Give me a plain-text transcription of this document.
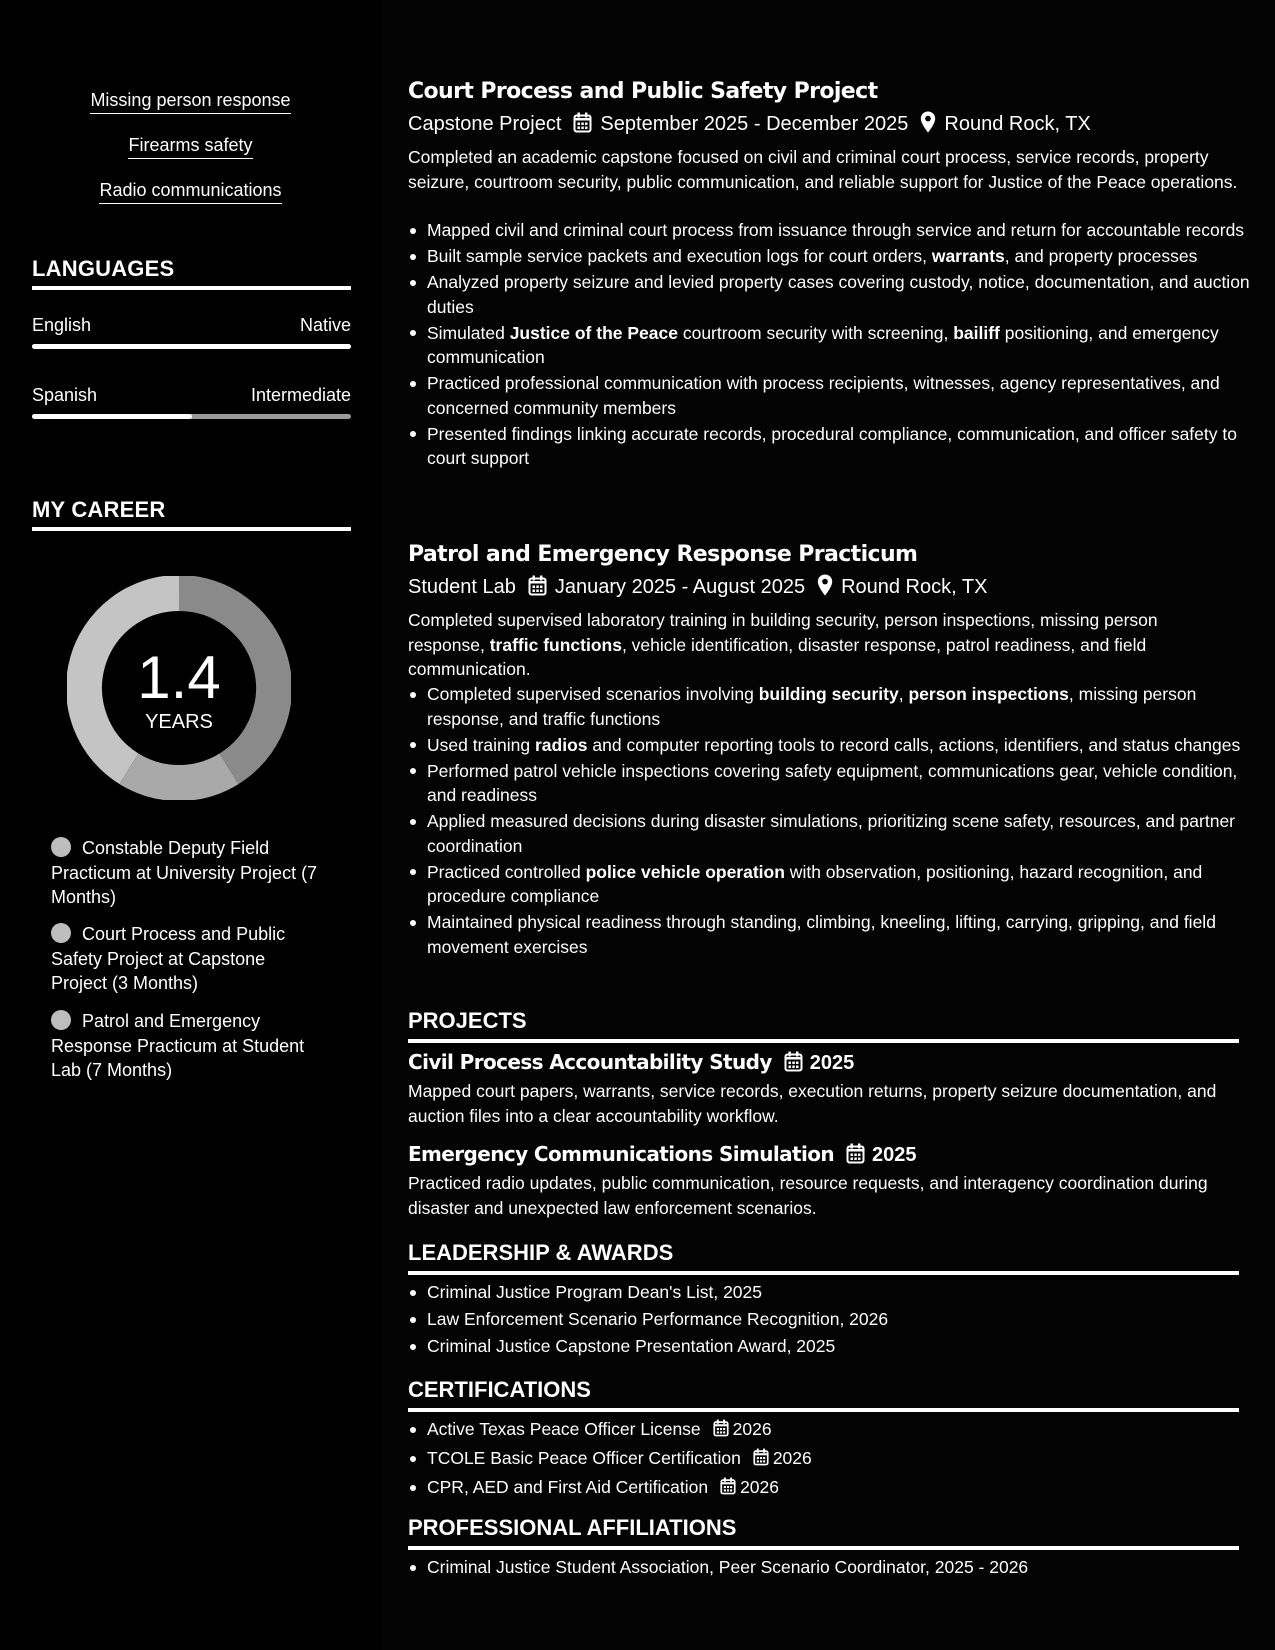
Missing person response
Firearms safety
Radio communications
LANGUAGES
English	Native
Spanish	Intermediate
MY CAREER
1.4
YEARS
Constable Deputy Field Practicum at University Project (7 Months)
Court Process and Public Safety Project at Capstone Project (3 Months)
Patrol and Emergency Response Practicum at Student Lab (7 Months)
Court Process and Public Safety Project
Capstone Project September 2025 - December 2025 Round Rock, TX
Completed an academic capstone focused on civil and criminal court process, service records, property seizure, courtroom security, public communication, and reliable support for Justice of the Peace operations.
Mapped civil and criminal court process from issuance through service and return for accountable records
Built sample service packets and execution logs for court orders, warrants, and property processes
Analyzed property seizure and levied property cases covering custody, notice, documentation, and auction duties
Simulated Justice of the Peace courtroom security with screening, bailiff positioning, and emergency communication
Practiced professional communication with process recipients, witnesses, agency representatives, and concerned community members
Presented findings linking accurate records, procedural compliance, communication, and officer safety to court support
Patrol and Emergency Response Practicum
Student Lab January 2025 - August 2025 Round Rock, TX
Completed supervised laboratory training in building security, person inspections, missing person response, traffic functions, vehicle identification, disaster response, patrol readiness, and field communication.
Completed supervised scenarios involving building security, person inspections, missing person response, and traffic functions
Used training radios and computer reporting tools to record calls, actions, identifiers, and status changes
Performed patrol vehicle inspections covering safety equipment, communications gear, vehicle condition, and readiness
Applied measured decisions during disaster simulations, prioritizing scene safety, resources, and partner coordination
Practiced controlled police vehicle operation with observation, positioning, hazard recognition, and procedure compliance
Maintained physical readiness through standing, climbing, kneeling, lifting, carrying, gripping, and field movement exercises
PROJECTS
Civil Process Accountability Study 2025
Mapped court papers, warrants, service records, execution returns, property seizure documentation, and auction files into a clear accountability workflow.
Emergency Communications Simulation 2025
Practiced radio updates, public communication, resource requests, and interagency coordination during disaster and unexpected law enforcement scenarios.
LEADERSHIP & AWARDS
Criminal Justice Program Dean's List, 2025
Law Enforcement Scenario Performance Recognition, 2026
Criminal Justice Capstone Presentation Award, 2025
CERTIFICATIONS
Active Texas Peace Officer License 2026
TCOLE Basic Peace Officer Certification 2026
CPR, AED and First Aid Certification 2026
PROFESSIONAL AFFILIATIONS
Criminal Justice Student Association, Peer Scenario Coordinator, 2025 - 2026
